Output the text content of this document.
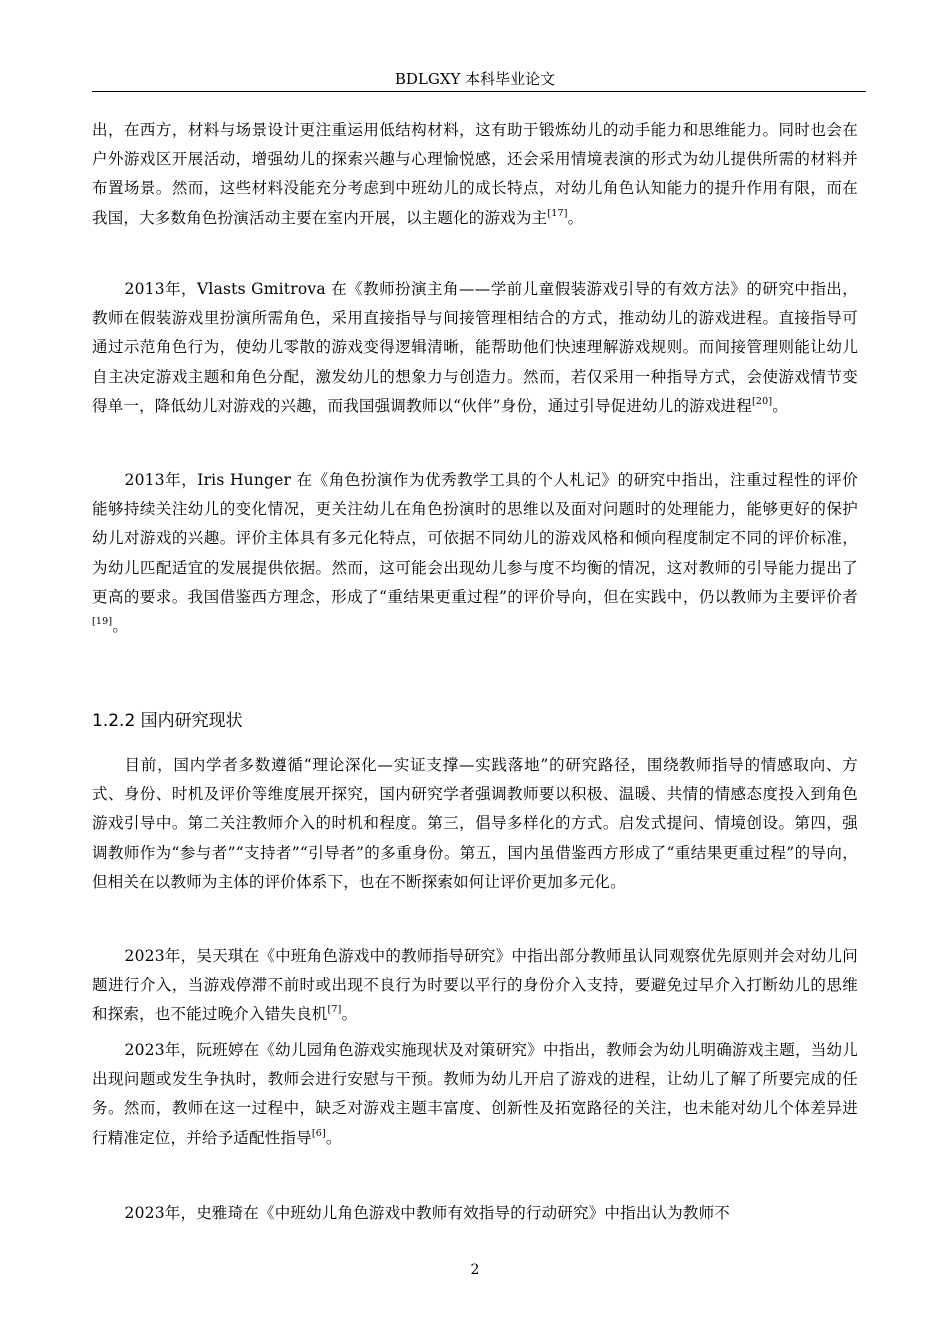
BDLGXY 本科毕业论文

出，在西方，材料与场景设计更注重运用低结构材料，这有助于锻炼幼儿的动手能力和思维能力。同时也会在户外游戏区开展活动，增强幼儿的探索兴趣与心理愉悦感，还会采用情境表演的形式为幼儿提供所需的材料并布置场景。然而，这些材料没能充分考虑到中班幼儿的成长特点，对幼儿角色认知能力的提升作用有限，而在我国，大多数角色扮演活动主要在室内开展，以主题化的游戏为主[17]。

2013年，Vlasts Gmitrova 在《教师扮演主角——学前儿童假装游戏引导的有效方法》的研究中指出，教师在假装游戏里扮演所需角色，采用直接指导与间接管理相结合的方式，推动幼儿的游戏进程。直接指导可通过示范角色行为，使幼儿零散的游戏变得逻辑清晰，能帮助他们快速理解游戏规则。而间接管理则能让幼儿自主决定游戏主题和角色分配，激发幼儿的想象力与创造力。然而，若仅采用一种指导方式，会使游戏情节变得单一，降低幼儿对游戏的兴趣，而我国强调教师以“伙伴”身份，通过引导促进幼儿的游戏进程[20]。

2013年，Iris Hunger 在《角色扮演作为优秀教学工具的个人札记》的研究中指出，注重过程性的评价能够持续关注幼儿的变化情况，更关注幼儿在角色扮演时的思维以及面对问题时的处理能力，能够更好的保护幼儿对游戏的兴趣。评价主体具有多元化特点，可依据不同幼儿的游戏风格和倾向程度制定不同的评价标准，为幼儿匹配适宜的发展提供依据。然而，这可能会出现幼儿参与度不均衡的情况，这对教师的引导能力提出了更高的要求。我国借鉴西方理念，形成了“重结果更重过程”的评价导向，但在实践中，仍以教师为主要评价者[19]。

1.2.2 国内研究现状

目前，国内学者多数遵循“理论深化—实证支撑—实践落地”的研究路径，围绕教师指导的情感取向、方式、身份、时机及评价等维度展开探究，国内研究学者强调教师要以积极、温暖、共情的情感态度投入到角色游戏引导中。第二关注教师介入的时机和程度。第三，倡导多样化的方式。启发式提问、情境创设。第四，强调教师作为“参与者”“支持者”“引导者”的多重身份。第五，国内虽借鉴西方形成了“重结果更重过程”的导向，但相关在以教师为主体的评价体系下，也在不断探索如何让评价更加多元化。

2023年，吴天琪在《中班角色游戏中的教师指导研究》中指出部分教师虽认同观察优先原则并会对幼儿问题进行介入，当游戏停滞不前时或出现不良行为时要以平行的身份介入支持，要避免过早介入打断幼儿的思维和探索，也不能过晚介入错失良机[7]。

2023年，阮班婷在《幼儿园角色游戏实施现状及对策研究》中指出，教师会为幼儿明确游戏主题，当幼儿出现问题或发生争执时，教师会进行安慰与干预。教师为幼儿开启了游戏的进程，让幼儿了解了所要完成的任务。然而，教师在这一过程中，缺乏对游戏主题丰富度、创新性及拓宽路径的关注，也未能对幼儿个体差异进行精准定位，并给予适配性指导[6]。

2023年，史雅琦在《中班幼儿角色游戏中教师有效指导的行动研究》中指出认为教师不

2
